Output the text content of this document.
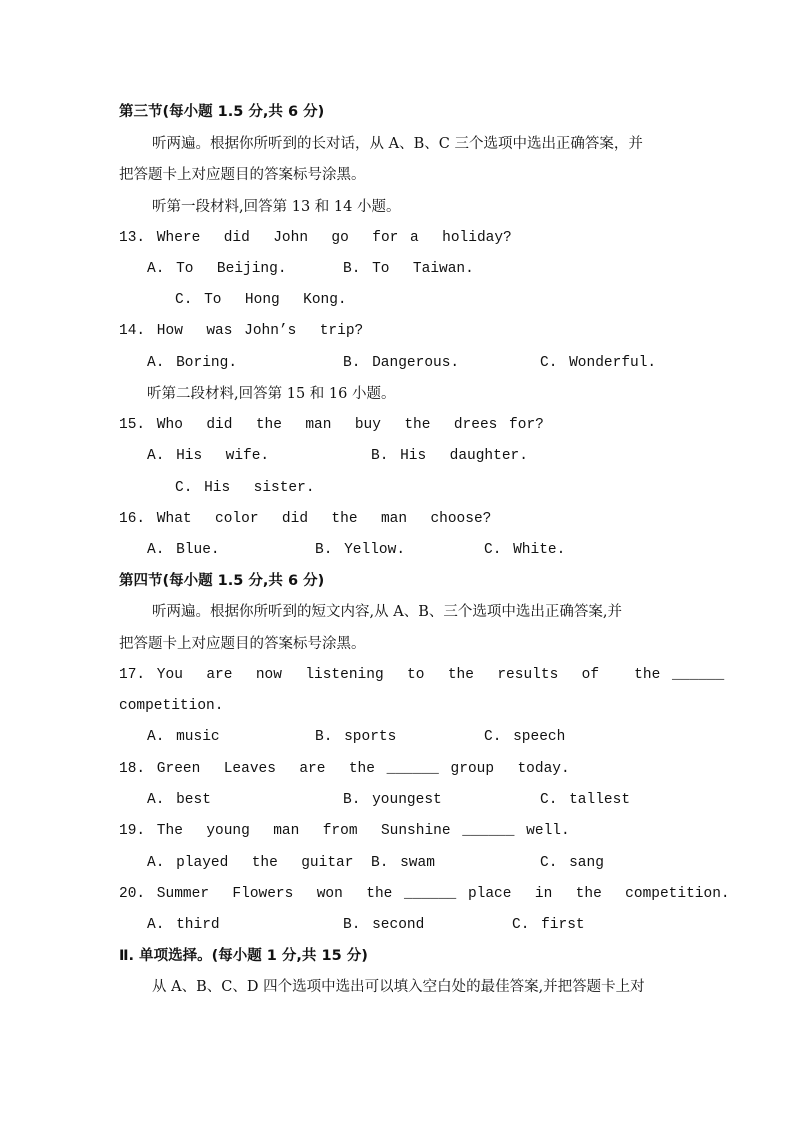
第三节(每小题 1.5 分,共 6 分)
听两遍。根据你所听到的长对话，从 A、B、C 三个选项中选出正确答案，并
把答题卡上对应题目的答案标号涂黑。
听第一段材料,回答第 13 和 14 小题。
13. Where  did  John  go  for a  holiday?
A. To  Beijing.	B. To  Taiwan.
C. To  Hong  Kong.
14. How  was John’s  trip?
A. Boring.	B. Dangerous.	C. Wonderful.
听第二段材料,回答第 15 和 16 小题。
15. Who  did  the  man  buy  the  drees for?
A. His  wife.	B. His  daughter.
C. His  sister.
16. What  color  did  the  man  choose?
A. Blue.	B. Yellow.	C. White.
第四节(每小题 1.5 分,共 6 分)
听两遍。根据你所听到的短文内容,从 A、B、三个选项中选出正确答案,并
把答题卡上对应题目的答案标号涂黑。
17. You  are  now  listening  to  the  results  of   the ______
competition.
A. music	B. sports	C. speech
18. Green  Leaves  are  the ______ group  today.
A. best	B. youngest	C. tallest
19. The  young  man  from  Sunshine ______ well.
A. played  the  guitar B. swam	C. sang
20. Summer  Flowers  won  the ______ place  in  the  competition.
A. third	B. second	C. first
Ⅱ. 单项选择。(每小题 1 分,共 15 分)
从 A、B、C、D 四个选项中选出可以填入空白处的最佳答案,并把答题卡上对
